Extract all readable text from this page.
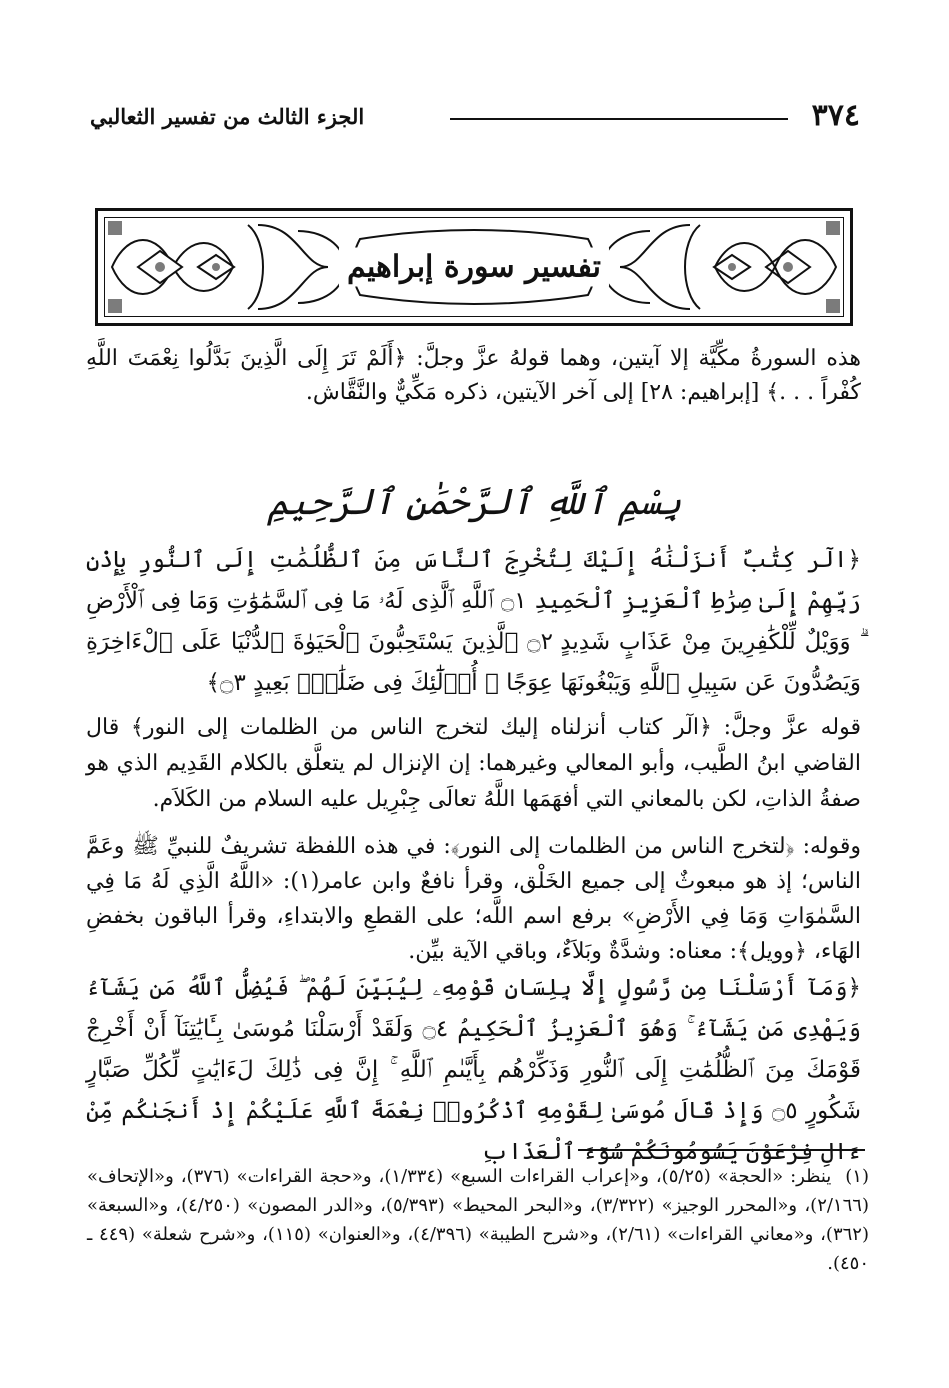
٣٧٤
الجزء الثالث من تفسير الثعالبي
تفسير سورة إبراهيم

هذه السورةُ مكِّيَّة إلا آيتين، وهما قولهُ عزَّ وجلَّ: ﴿أَلَمْ تَرَ إِلَى الَّذِينَ بَدَّلُوا نِعْمَتَ اللَّهِ كُفْراً . . .﴾ [إبراهيم: ٢٨] إلى آخر الآيتين، ذكره مَكِّيٌّ والنَّقَّاش.

بِسْمِ ٱللَّهِ ٱلرَّحْمَٰنِ ٱلرَّحِيمِ

﴿الٓر كِتَٰبٌ أَنزَلْنَٰهُ إِلَيْكَ لِتُخْرِجَ ٱلنَّاسَ مِنَ ٱلظُّلُمَٰتِ إِلَى ٱلنُّورِ بِإِذْنِ رَبِّهِمْ إِلَىٰ صِرَٰطِ ٱلْعَزِيزِ ٱلْحَمِيدِ ۝١ ٱللَّهِ ٱلَّذِى لَهُۥ مَا فِى ٱلسَّمَٰوَٰتِ وَمَا فِى ٱلْأَرْضِ ۗ وَوَيْلٌ لِّلْكَٰفِرِينَ مِنْ عَذَابٍ شَدِيدٍ ۝٢ ٱلَّذِينَ يَسْتَحِبُّونَ ٱلْحَيَوٰةَ ٱلدُّنْيَا عَلَى ٱلْءَاخِرَةِ وَيَصُدُّونَ عَن سَبِيلِ ٱللَّهِ وَيَبْغُونَهَا عِوَجًا ۚ أُو۟لَٰٓئِكَ فِى ضَلَٰلٍۭ بَعِيدٍ ۝٣﴾

قوله عزَّ وجلَّ: ﴿الٓر كتاب أنزلناه إليك لتخرج الناس من الظلمات إلى النور﴾ قال القاضي ابنُ الطَّيب، وأبو المعالي وغيرهما: إن الإنزال لم يتعلَّق بالكلام القَدِيم الذي هو صفةُ الذاتِ، لكن بالمعاني التي أفهَمَها اللَّهُ تعالَى جِبْرِيل عليه السلام من الكَلاَم.

وقوله: ﴿لتخرج الناس من الظلمات إلى النور﴾: في هذه اللفظة تشريفٌ للنبيِّ ﷺ وعَمَّ الناس؛ إذ هو مبعوثٌ إلى جميع الخَلْق، وقرأ نافعٌ وابن عامر(١): «اللَّهُ الَّذِي لَهُ مَا فِي السَّمٰوَاتِ وَمَا فِي الأَرْضِ» برفع اسم اللَّه؛ على القطعِ والابتداءِ، وقرأ الباقون بخفضِ الهَاء، ﴿وويل﴾: معناه: وشدَّةٌ وبَلاَءٌ، وباقي الآية بيِّن.

﴿وَمَآ أَرْسَلْنَا مِن رَّسُولٍ إِلَّا بِلِسَانِ قَوْمِهِۦ لِيُبَيِّنَ لَهُمْ ۖ فَيُضِلُّ ٱللَّهُ مَن يَشَآءُ وَيَهْدِى مَن يَشَآءُ ۚ وَهُوَ ٱلْعَزِيزُ ٱلْحَكِيمُ ۝٤ وَلَقَدْ أَرْسَلْنَا مُوسَىٰ بِـَٔايَٰتِنَآ أَنْ أَخْرِجْ قَوْمَكَ مِنَ ٱلظُّلُمَٰتِ إِلَى ٱلنُّورِ وَذَكِّرْهُم بِأَيَّىٰمِ ٱللَّهِ ۚ إِنَّ فِى ذَٰلِكَ لَءَايَٰتٍ لِّكُلِّ صَبَّارٍ شَكُورٍ ۝٥ وَإِذْ قَالَ مُوسَىٰ لِقَوْمِهِ ٱذْكُرُوا۟ نِعْمَةَ ٱللَّهِ عَلَيْكُمْ إِذْ أَنجَىٰكُم مِّنْ ءَالِ فِرْعَوْنَ يَسُومُونَكُمْ سُوٓءَ ٱلْعَذَابِ

(١)  ينظر: «الحجة» (٥/٢٥)، و«إعراب القراءات السبع» (١/٣٣٤)، و«حجة القراءات» (٣٧٦)، و«الإتحاف» (٢/١٦٦)، و«المحرر الوجيز» (٣/٣٢٢)، و«البحر المحيط» (٥/٣٩٣)، و«الدر المصون» (٤/٢٥٠)، و«السبعة» (٣٦٢)، و«معاني القراءات» (٢/٦١)، و«شرح الطيبة» (٤/٣٩٦)، و«العنوان» (١١٥)، و«شرح شعلة» (٤٤٩ ـ ٤٥٠).
